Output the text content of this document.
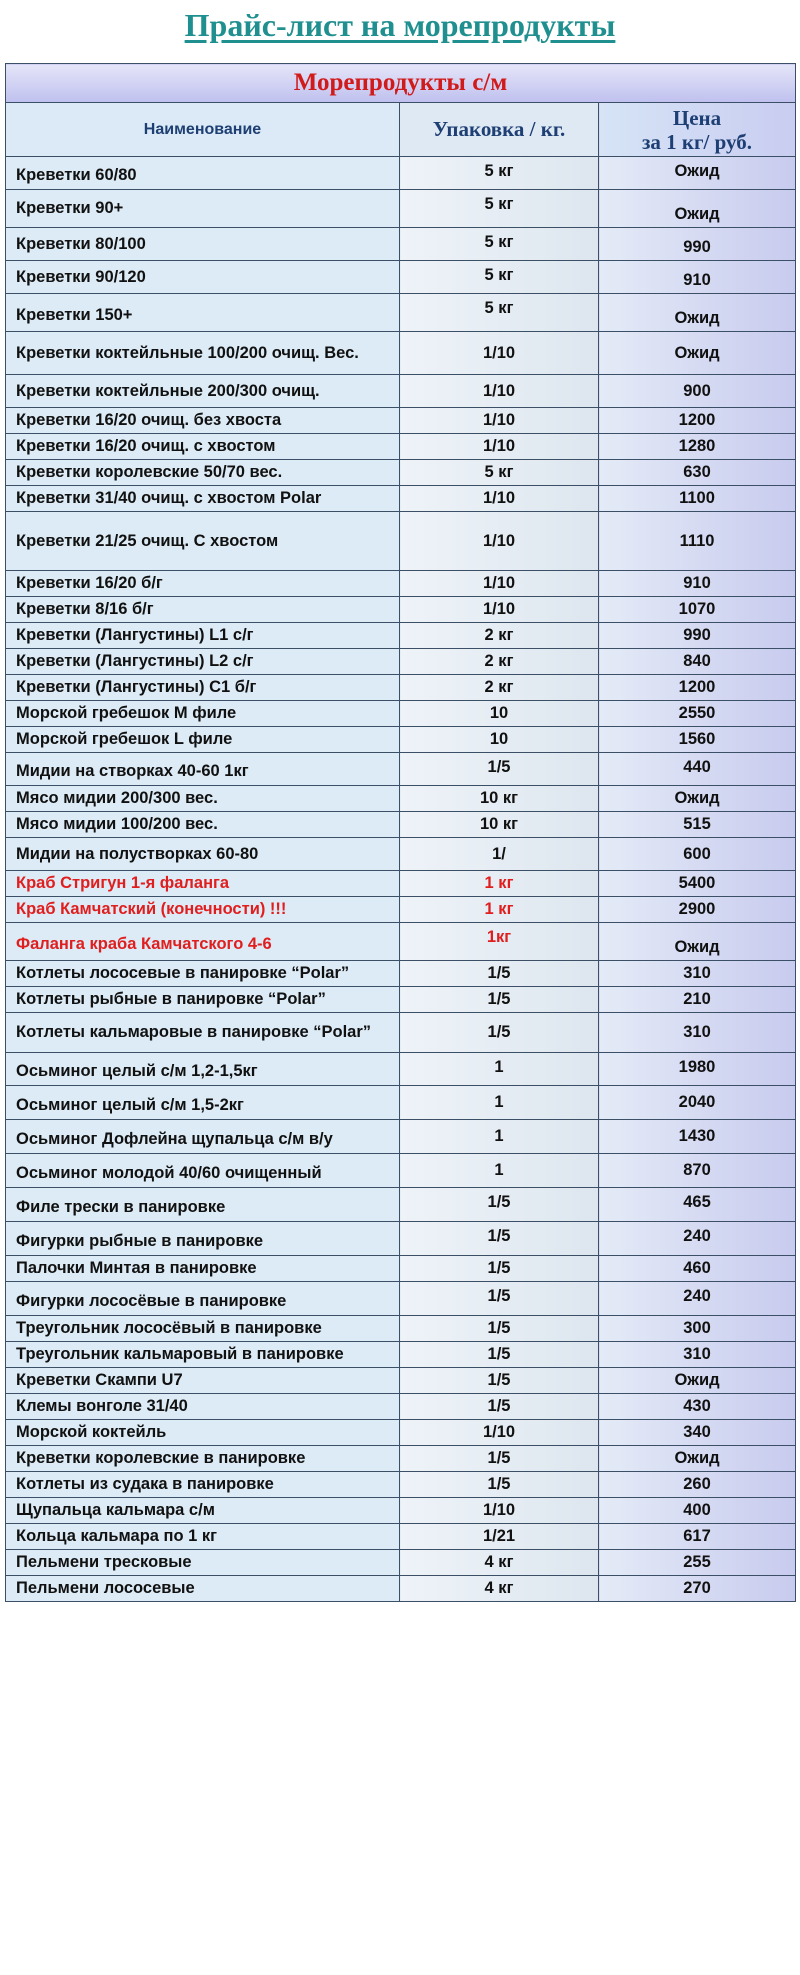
Прайс-лист на морепродукты
Морепродукты с/м		
Наименование	Упаковка / кг.	Цена
за 1 кг/ руб.
Креветки 60/80	5 кг	Ожид
Креветки 90+	5 кг	Ожид
Креветки 80/100	5 кг	990
Креветки 90/120	5 кг	910
Креветки 150+	5 кг	Ожид
Креветки коктейльные 100/200 очищ. Вес.	1/10	Ожид
Креветки коктейльные 200/300 очищ.	1/10	900
Креветки 16/20 очищ. без хвоста	1/10	1200
Креветки 16/20 очищ. с хвостом	1/10	1280
Креветки королевские 50/70 вес.	5 кг	630
Креветки 31/40 очищ. с хвостом Polar	1/10	1100
Креветки 21/25 очищ. С хвостом	1/10	1110
Креветки 16/20 б/г	1/10	910
Креветки 8/16 б/г	1/10	1070
Креветки (Лангустины) L1 с/г	2 кг	990
Креветки (Лангустины) L2 с/г	2 кг	840
Креветки (Лангустины) С1 б/г	2 кг	1200
Морской гребешок M филе	10	2550
Морской гребешок L филе	10	1560
Мидии на створках 40-60 1кг	1/5	440
Мясо мидии 200/300 вес.	10 кг	Ожид
Мясо мидии 100/200 вес.	10 кг	515
Мидии на полустворках 60-80	1/	600
Краб Стригун 1-я фаланга	1 кг	5400
Краб Камчатский (конечности) !!!	1 кг	2900
Фаланга краба Камчатского 4-6	1кг	Ожид
Котлеты лососевые в панировке “Polar”	1/5	310
Котлеты рыбные в панировке “Polar”	1/5	210
Котлеты кальмаровые в панировке “Polar”	1/5	310
Осьминог целый с/м 1,2-1,5кг	1	1980
Осьминог целый с/м 1,5-2кг	1	2040
Осьминог Дофлейна щупальца с/м в/у	1	1430
Осьминог молодой 40/60 очищенный	1	870
Филе трески в панировке	1/5	465
Фигурки рыбные в панировке	1/5	240
Палочки Минтая в панировке	1/5	460
Фигурки лососёвые в панировке	1/5	240
Треугольник лососёвый в панировке	1/5	300
Треугольник кальмаровый в панировке	1/5	310
Креветки Скампи U7	1/5	Ожид
Клемы вонголе 31/40	1/5	430
Морской коктейль	1/10	340
Креветки королевские в панировке	1/5	Ожид
Котлеты из судака в панировке	1/5	260
Щупальца кальмара с/м	1/10	400
Кольца кальмара по 1 кг	1/21	617
Пельмени тресковые	4 кг	255
Пельмени лососевые	4 кг	270
